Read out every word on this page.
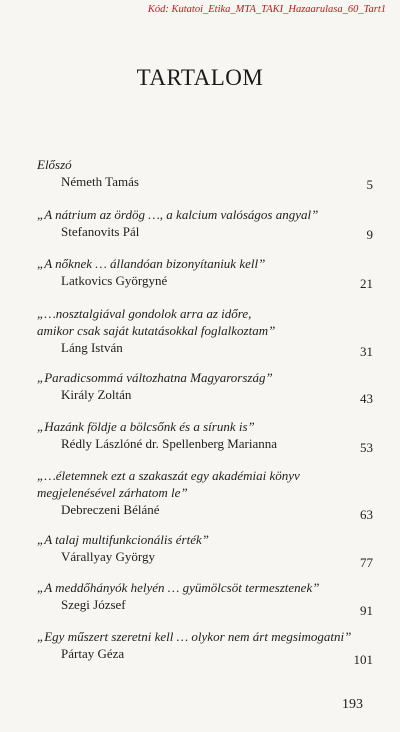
Kód: Kutatoi_Etika_MTA_TAKI_Hazaarulasa_60_Tart1
TARTALOM
Előszó
Németh Tamás	5
„A nátrium az ördög …, a kalcium valóságos angyal”
Stefanovits Pál	9
„A nőknek … állandóan bizonyítaniuk kell”
Latkovics Györgyné	21
„…nosztalgiával gondolok arra az időre,
amikor csak saját kutatásokkal foglalkoztam”
Láng István	31
„Paradicsommá változhatna Magyarország”
Király Zoltán	43
„Hazánk földje a bölcsőnk és a sírunk is”
Rédly Lászlóné dr. Spellenberg Marianna	53
„…életemnek ezt a szakaszát egy akadémiai könyv
megjelenésével zárhatom le”
Debreczeni Béláné	63
„A talaj multifunkcionális érték”
Várallyay György	77
„A meddőhányók helyén … gyümölcsöt termesztenek”
Szegi József	91
„Egy műszert szeretni kell … olykor nem árt megsimogatni”
Pártay Géza	101
193
